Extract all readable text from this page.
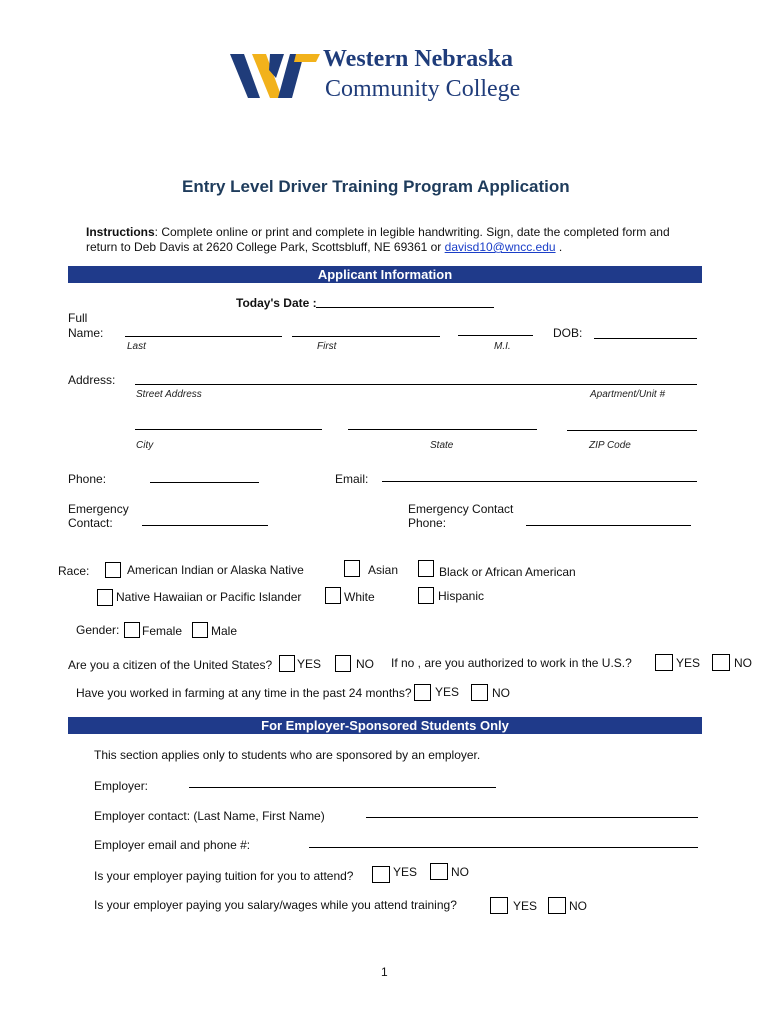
Western Nebraska
Community College
Entry Level Driver Training Program Application
Instructions: Complete online or print and complete in legible handwriting. Sign, date the completed form and
return to Deb Davis at 2620 College Park, Scottsbluff, NE 69361 or davisd10@wncc.edu .
Applicant Information
Today's Date :
Full
Name:	DOB:
Last	First	M.I.
Address:
Street Address	Apartment/Unit #
City	State	ZIP Code
Phone:	Email:
Emergency
Contact:
Emergency Contact
Phone:
Race:	American Indian or Alaska Native	Asian	Black or African American
Native Hawaiian or Pacific Islander	White	Hispanic
Gender: Female Male
Are you a citizen of the United States? YES	NO If no , are you authorized to work in the U.S.?	YES	NO
Have you worked in farming at any time in the past 24 months? YES	NO
For Employer-Sponsored Students Only
This section applies only to students who are sponsored by an employer.
Employer:
Employer contact: (Last Name, First Name)
Employer email and phone #:
Is your employer paying tuition for you to attend?	YES	NO
Is your employer paying you salary/wages while you attend training?	YES	NO
1
